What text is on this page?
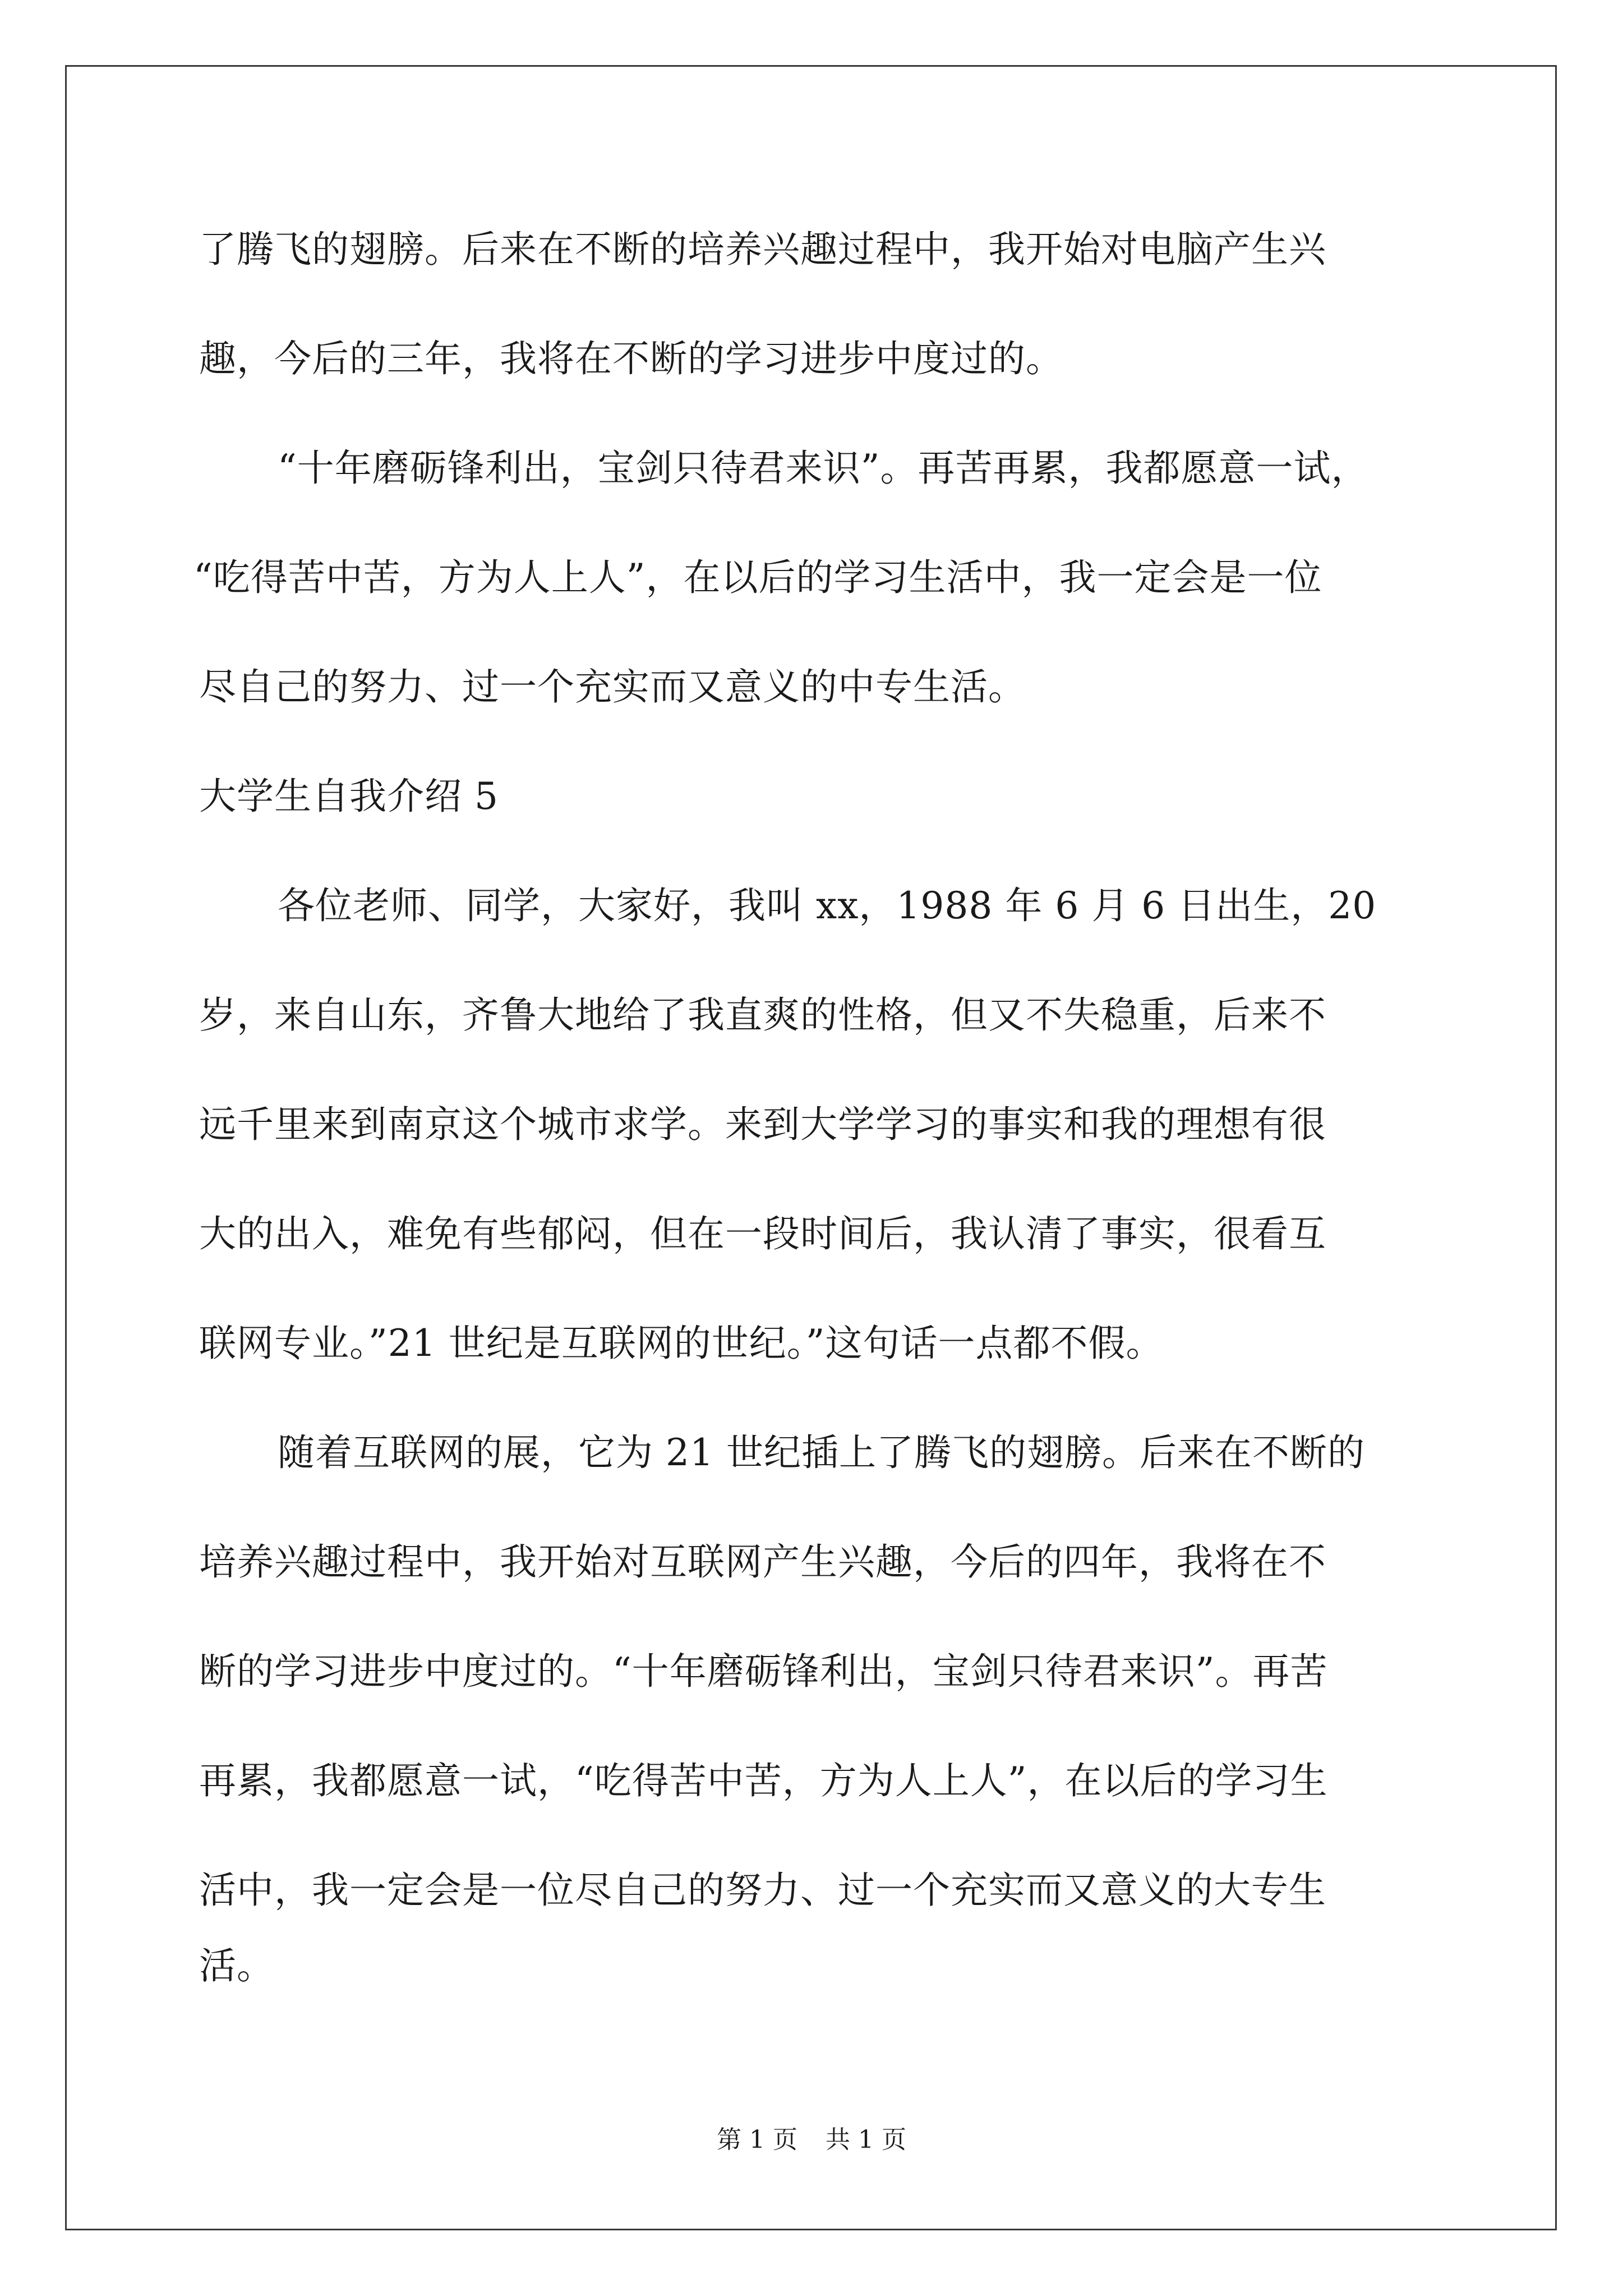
了腾飞的翅膀。后来在不断的培养兴趣过程中，我开始对电脑产生兴
趣，今后的三年，我将在不断的学习进步中度过的。
“十年磨砺锋利出，宝剑只待君来识”。再苦再累，我都愿意一试，
“吃得苦中苦，方为人上人”，在以后的学习生活中，我一定会是一位
尽自己的努力、过一个充实而又意义的中专生活。
大学生自我介绍 5
各位老师、同学，大家好，我叫 xx，1988 年 6 月 6 日出生，20
岁，来自山东，齐鲁大地给了我直爽的性格，但又不失稳重，后来不
远千里来到南京这个城市求学。来到大学学习的事实和我的理想有很
大的出入，难免有些郁闷，但在一段时间后，我认清了事实，很看互
联网专业。”21 世纪是互联网的世纪。”这句话一点都不假。
随着互联网的展，它为 21 世纪插上了腾飞的翅膀。后来在不断的
培养兴趣过程中，我开始对互联网产生兴趣，今后的四年，我将在不
断的学习进步中度过的。“十年磨砺锋利出，宝剑只待君来识”。再苦
再累，我都愿意一试，“吃得苦中苦，方为人上人”，在以后的学习生
活中，我一定会是一位尽自己的努力、过一个充实而又意义的大专生
活。
第 1 页 共 1 页
